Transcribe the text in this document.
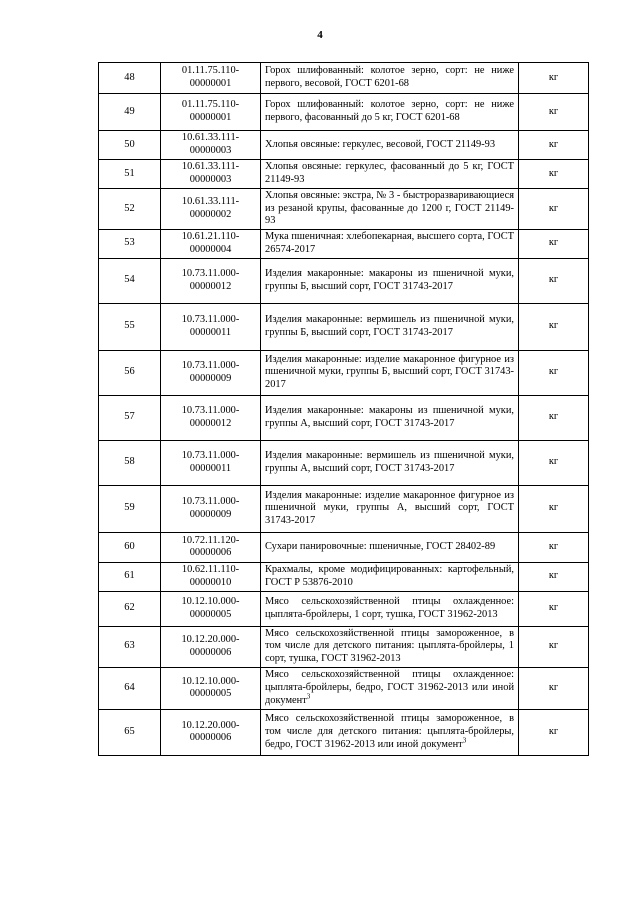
4
48	01.11.75.110-00000001	Горох шлифованный: колотое зерно, сорт: не ниже первого, весовой, ГОСТ 6201-68	кг
49	01.11.75.110-00000001	Горох шлифованный: колотое зерно, сорт: не ниже первого, фасованный до 5 кг, ГОСТ 6201-68	кг
50	10.61.33.111-00000003	Хлопья овсяные: геркулес, весовой, ГОСТ 21149-93	кг
51	10.61.33.111-00000003	Хлопья овсяные: геркулес, фасованный до 5 кг, ГОСТ 21149-93	кг
52	10.61.33.111-00000002	Хлопья овсяные: экстра, № 3 - быстроразваривающиеся из резаной крупы, фасованные до 1200 г, ГОСТ 21149-93	кг
53	10.61.21.110-00000004	Мука пшеничная: хлебопекарная, высшего сорта, ГОСТ 26574-2017	кг
54	10.73.11.000-00000012	Изделия макаронные: макароны из пшеничной муки, группы Б, высший сорт, ГОСТ 31743-2017	кг
55	10.73.11.000-00000011	Изделия макаронные: вермишель из пшеничной муки, группы Б, высший сорт, ГОСТ 31743-2017	кг
56	10.73.11.000-00000009	Изделия макаронные: изделие макаронное фигурное из пшеничной муки, группы Б, высший сорт, ГОСТ 31743-2017	кг
57	10.73.11.000-00000012	Изделия макаронные: макароны из пшеничной муки, группы А, высший сорт, ГОСТ 31743-2017	кг
58	10.73.11.000-00000011	Изделия макаронные: вермишель из пшеничной муки, группы А, высший сорт, ГОСТ 31743-2017	кг
59	10.73.11.000-00000009	Изделия макаронные: изделие макаронное фигурное из пшеничной муки, группы А, высший сорт, ГОСТ 31743-2017	кг
60	10.72.11.120-00000006	Сухари панировочные: пшеничные, ГОСТ 28402-89	кг
61	10.62.11.110-00000010	Крахмалы, кроме модифицированных: картофельный, ГОСТ Р 53876-2010	кг
62	10.12.10.000-00000005	Мясо сельскохозяйственной птицы охлажденное: цыплята-бройлеры, 1 сорт, тушка, ГОСТ 31962-2013	кг
63	10.12.20.000-00000006	Мясо сельскохозяйственной птицы замороженное, в том числе для детского питания: цыплята-бройлеры, 1 сорт, тушка, ГОСТ 31962-2013	кг
64	10.12.10.000-00000005	Мясо сельскохозяйственной птицы охлажденное: цыплята-бройлеры, бедро, ГОСТ 31962-2013 или иной документ$^3$	кг
65	10.12.20.000-00000006	Мясо сельскохозяйственной птицы замороженное, в том числе для детского питания: цыплята-бройлеры, бедро, ГОСТ 31962-2013 или иной документ$^3$	кг
